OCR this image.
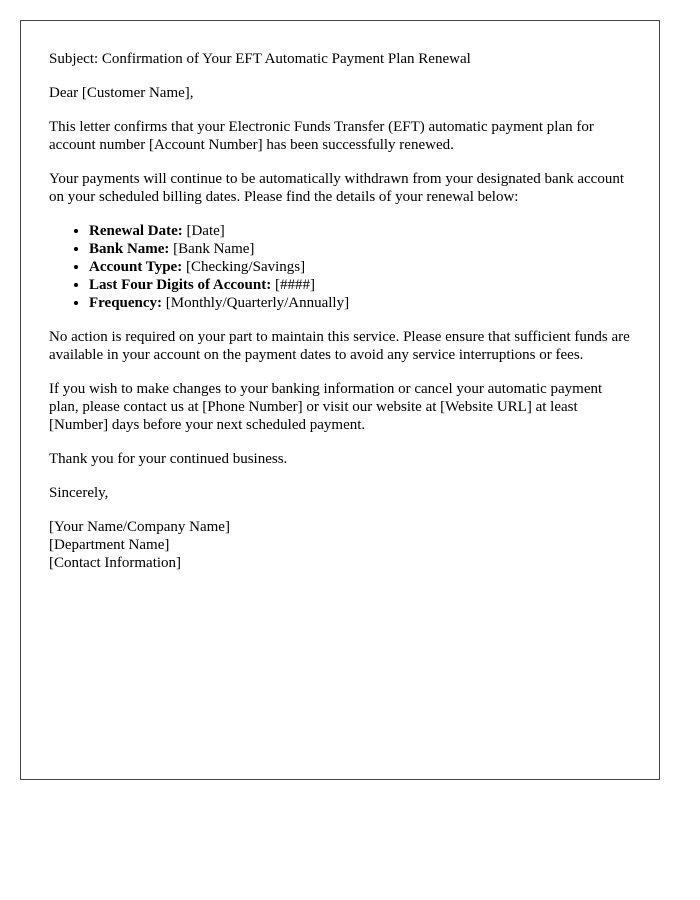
Subject: Confirmation of Your EFT Automatic Payment Plan Renewal

Dear [Customer Name],

This letter confirms that your Electronic Funds Transfer (EFT) automatic payment plan for account number [Account Number] has been successfully renewed.

Your payments will continue to be automatically withdrawn from your designated bank account on your scheduled billing dates. Please find the details of your renewal below:

• Renewal Date: [Date]
• Bank Name: [Bank Name]
• Account Type: [Checking/Savings]
• Last Four Digits of Account: [####]
• Frequency: [Monthly/Quarterly/Annually]

No action is required on your part to maintain this service. Please ensure that sufficient funds are available in your account on the payment dates to avoid any service interruptions or fees.

If you wish to make changes to your banking information or cancel your automatic payment plan, please contact us at [Phone Number] or visit our website at [Website URL] at least [Number] days before your next scheduled payment.

Thank you for your continued business.

Sincerely,

[Your Name/Company Name]
[Department Name]
[Contact Information]
